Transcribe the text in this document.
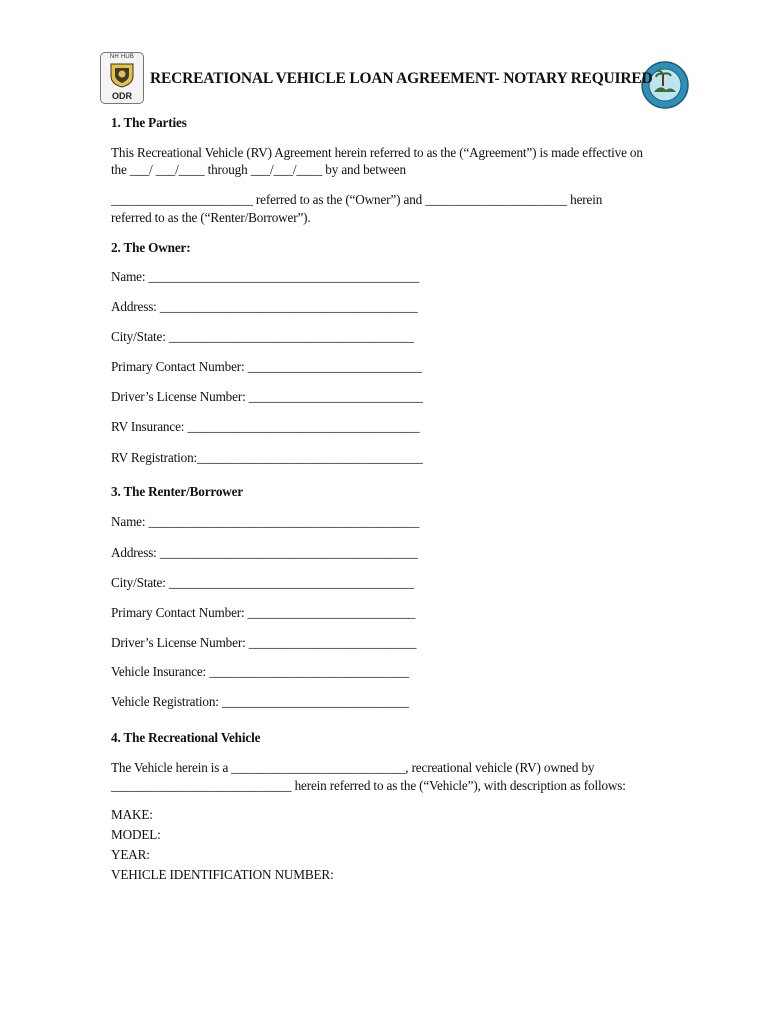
NH HUB
ODR
RECREATIONAL VEHICLE LOAN AGREEMENT- NOTARY REQUIRED
1. The Parties
This Recreational Vehicle (RV) Agreement herein referred to as the (“Agreement”) is made effective on
the ___/ ___/____ through ___/___/____ by and between
______________________ referred to as the (“Owner”) and ______________________ herein
referred to as the (“Renter/Borrower”).
2. The Owner:
Name: __________________________________________
Address: ________________________________________
City/State: ______________________________________
Primary Contact Number: ___________________________
Driver’s License Number: ___________________________
RV Insurance: ____________________________________
RV Registration:___________________________________
3. The Renter/Borrower
Name: __________________________________________
Address: ________________________________________
City/State: ______________________________________
Primary Contact Number: __________________________
Driver’s License Number: __________________________
Vehicle Insurance: _______________________________
Vehicle Registration: _____________________________
4. The Recreational Vehicle
The Vehicle herein is a ___________________________, recreational vehicle (RV) owned by
____________________________ herein referred to as the (“Vehicle”), with description as follows:
MAKE:
MODEL:
YEAR:
VEHICLE IDENTIFICATION NUMBER:
